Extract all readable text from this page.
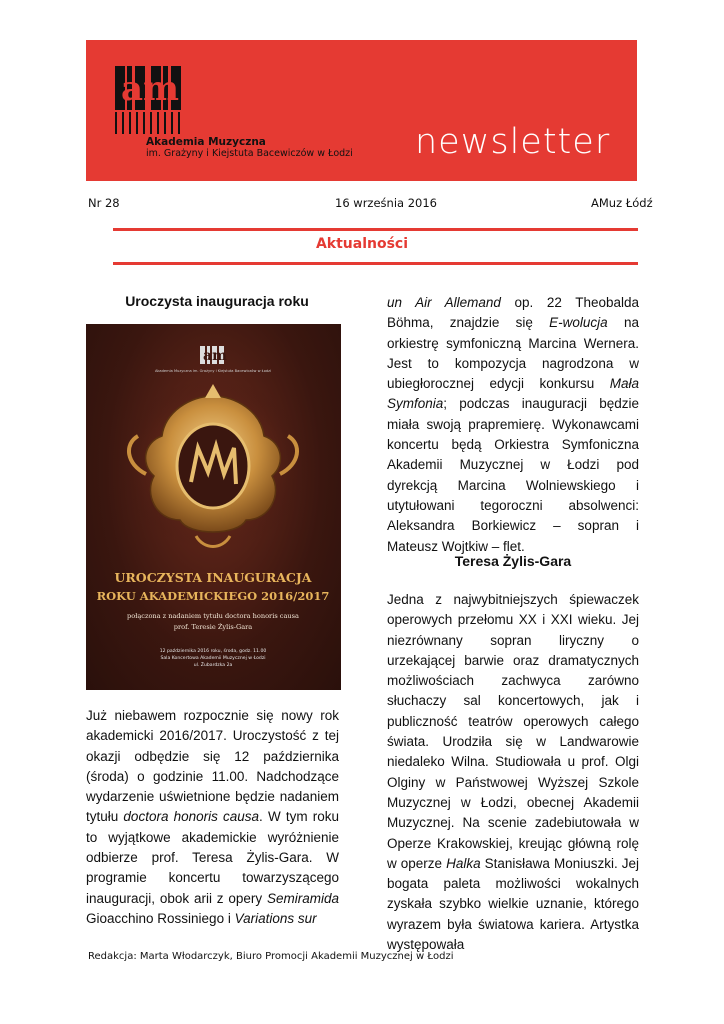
am
Akademia Muzyczna
im. Grażyny i Kiejstuta Bacewiczów w Łodzi newsletter
Nr 28	16 września 2016	AMuz Łódź
Aktualności
Uroczysta inauguracja roku
am
Akademia Muzyczna im. Grażyny i Kiejstuta Bacewiczów w Łodzi
UROCZYSTA INAUGURACJA
ROKU AKADEMICKIEGO 2016/2017
połączona z nadaniem tytułu doctora honoris causa
prof. Teresie Żylis-Gara
12 października 2016 roku, środa, godz. 11.00
Sala Koncertowa Akademii Muzycznej w Łodzi
ul. Żubardzka 2a

Już niebawem rozpocznie się nowy rok akademicki 2016/2017. Uroczystość z tej okazji odbędzie się 12 października (środa) o godzinie 11.00. Nadchodzące wydarzenie uświetnione będzie nadaniem tytułu doctora honoris causa. W tym roku to wyjątkowe akademickie wyróżnienie odbierze prof. Teresa Żylis-Gara. W programie koncertu towarzyszącego inauguracji, obok arii z opery Semiramida Gioacchino Rossiniego i Variations sur

un Air Allemand op. 22 Theobalda Böhma, znajdzie się E-wolucja na orkiestrę symfoniczną Marcina Wernera. Jest to kompozycja nagrodzona w ubiegłorocznej edycji konkursu Mała Symfonia; podczas inauguracji będzie miała swoją prapremierę. Wykonawcami koncertu będą Orkiestra Symfoniczna Akademii Muzycznej w Łodzi pod dyrekcją Marcina Wolniewskiego i utytułowani tegoroczni absolwenci: Aleksandra Borkiewicz – sopran i Mateusz Wojtkiw – flet.

Teresa Żylis-Gara

Jedna z najwybitniejszych śpiewaczek operowych przełomu XX i XXI wieku. Jej niezrównany sopran liryczny o urzekającej barwie oraz dramatycznych możliwościach zachwyca zarówno słuchaczy sal koncertowych, jak i publiczność teatrów operowych całego świata. Urodziła się w Landwarowie niedaleko Wilna. Studiowała u prof. Olgi Olginy w Państwowej Wyższej Szkole Muzycznej w Łodzi, obecnej Akademii Muzycznej. Na scenie zadebiutowała w Operze Krakowskiej, kreując główną rolę w operze Halka Stanisława Moniuszki. Jej bogata paleta możliwości wokalnych zyskała szybko wielkie uznanie, którego wyrazem była światowa kariera. Artystka występowała

Redakcja: Marta Włodarczyk, Biuro Promocji Akademii Muzycznej w Łodzi
